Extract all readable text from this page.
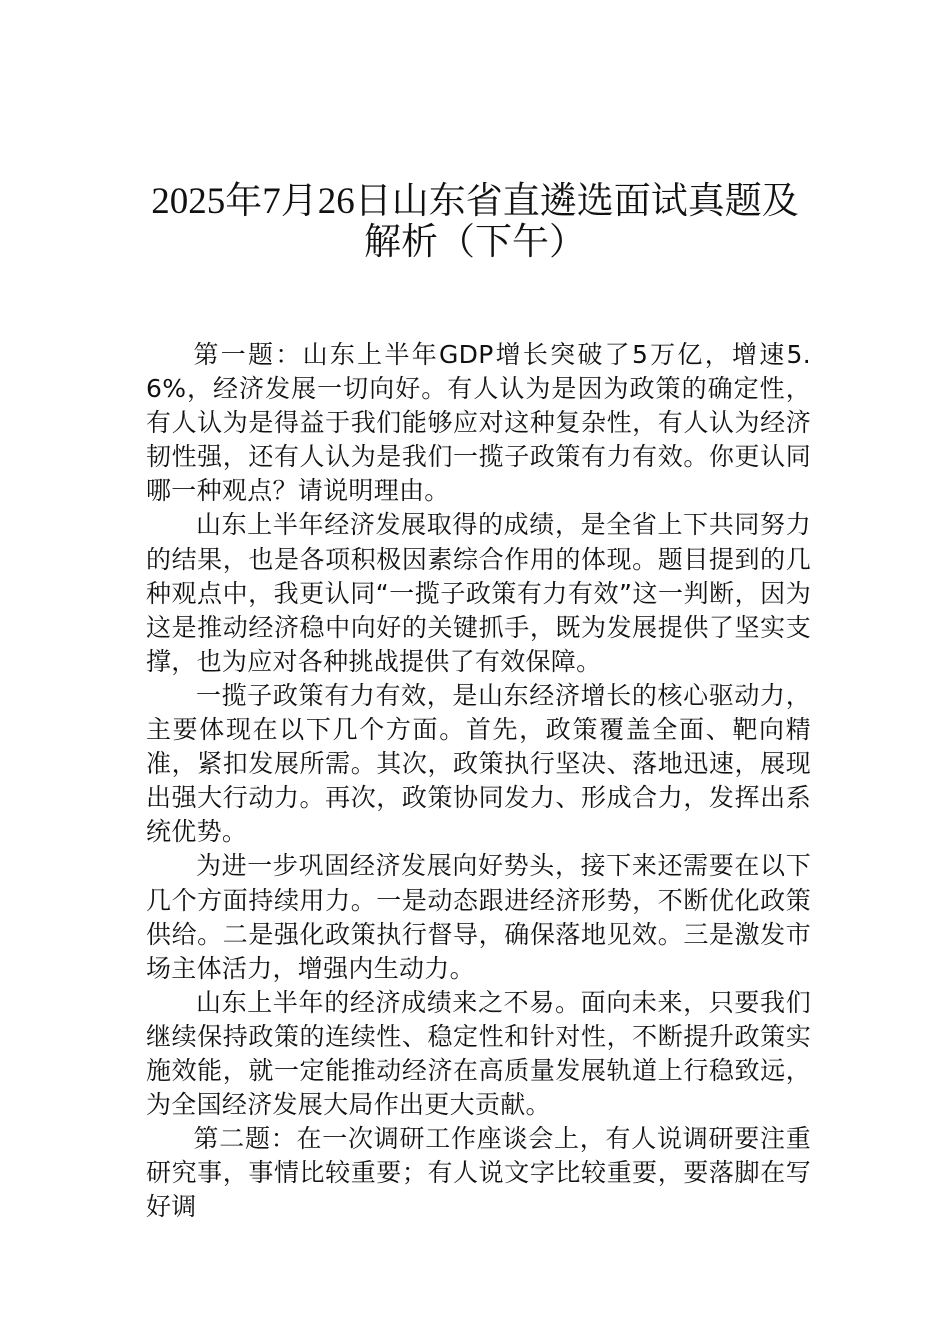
2025年7月26日山东省直遴选面试真题及
解析（下午）

第一题：山东上半年GDP增长突破了5万亿，增速5.6%，经济发展一切向好。有人认为是因为政策的确定性，有人认为是得益于我们能够应对这种复杂性，有人认为经济韧性强，还有人认为是我们一揽子政策有力有效。你更认同哪一种观点？请说明理由。

山东上半年经济发展取得的成绩，是全省上下共同努力的结果，也是各项积极因素综合作用的体现。题目提到的几种观点中，我更认同“一揽子政策有力有效”这一判断，因为这是推动经济稳中向好的关键抓手，既为发展提供了坚实支撑，也为应对各种挑战提供了有效保障。

一揽子政策有力有效，是山东经济增长的核心驱动力，主要体现在以下几个方面。首先，政策覆盖全面、靶向精准，紧扣发展所需。其次，政策执行坚决、落地迅速，展现出强大行动力。再次，政策协同发力、形成合力，发挥出系统优势。

为进一步巩固经济发展向好势头，接下来还需要在以下几个方面持续用力。一是动态跟进经济形势，不断优化政策供给。二是强化政策执行督导，确保落地见效。三是激发市场主体活力，增强内生动力。

山东上半年的经济成绩来之不易。面向未来，只要我们继续保持政策的连续性、稳定性和针对性，不断提升政策实施效能，就一定能推动经济在高质量发展轨道上行稳致远，为全国经济发展大局作出更大贡献。

第二题：在一次调研工作座谈会上，有人说调研要注重研究事，事情比较重要；有人说文字比较重要，要落脚在写好调
